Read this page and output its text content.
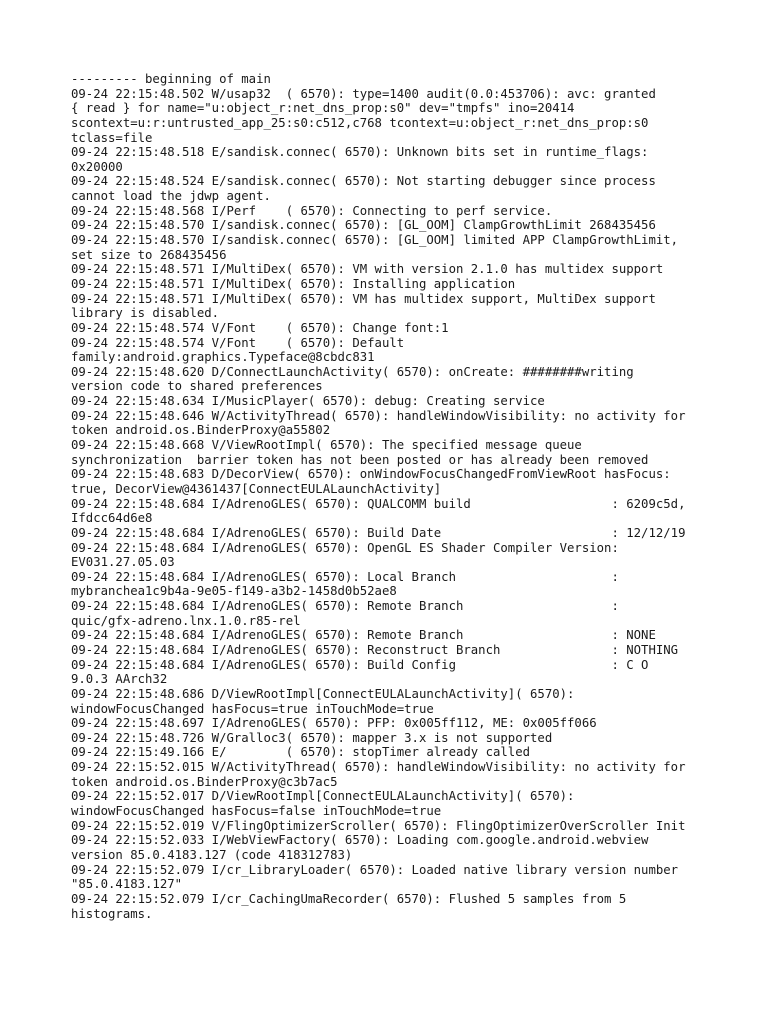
--------- beginning of main

09-24 22:15:48.502 W/usap32  ( 6570): type=1400 audit(0.0:453706): avc: granted

{ read } for name="u:object_r:net_dns_prop:s0" dev="tmpfs" ino=20414

scontext=u:r:untrusted_app_25:s0:c512,c768 tcontext=u:object_r:net_dns_prop:s0

tclass=file

09-24 22:15:48.518 E/sandisk.connec( 6570): Unknown bits set in runtime_flags:

0x20000

09-24 22:15:48.524 E/sandisk.connec( 6570): Not starting debugger since process

cannot load the jdwp agent.

09-24 22:15:48.568 I/Perf    ( 6570): Connecting to perf service.

09-24 22:15:48.570 I/sandisk.connec( 6570): [GL_OOM] ClampGrowthLimit 268435456

09-24 22:15:48.570 I/sandisk.connec( 6570): [GL_OOM] limited APP ClampGrowthLimit,

set size to 268435456

09-24 22:15:48.571 I/MultiDex( 6570): VM with version 2.1.0 has multidex support

09-24 22:15:48.571 I/MultiDex( 6570): Installing application

09-24 22:15:48.571 I/MultiDex( 6570): VM has multidex support, MultiDex support

library is disabled.

09-24 22:15:48.574 V/Font    ( 6570): Change font:1

09-24 22:15:48.574 V/Font    ( 6570): Default

family:android.graphics.Typeface@8cbdc831

09-24 22:15:48.620 D/ConnectLaunchActivity( 6570): onCreate: ########writing

version code to shared preferences

09-24 22:15:48.634 I/MusicPlayer( 6570): debug: Creating service

09-24 22:15:48.646 W/ActivityThread( 6570): handleWindowVisibility: no activity for

token android.os.BinderProxy@a55802

09-24 22:15:48.668 V/ViewRootImpl( 6570): The specified message queue

synchronization  barrier token has not been posted or has already been removed

09-24 22:15:48.683 D/DecorView( 6570): onWindowFocusChangedFromViewRoot hasFocus:

true, DecorView@4361437[ConnectEULALaunchActivity]

09-24 22:15:48.684 I/AdrenoGLES( 6570): QUALCOMM build                   : 6209c5d,

Ifdcc64d6e8

09-24 22:15:48.684 I/AdrenoGLES( 6570): Build Date                       : 12/12/19

09-24 22:15:48.684 I/AdrenoGLES( 6570): OpenGL ES Shader Compiler Version:

EV031.27.05.03

09-24 22:15:48.684 I/AdrenoGLES( 6570): Local Branch                     :

mybranchea1c9b4a-9e05-f149-a3b2-1458d0b52ae8

09-24 22:15:48.684 I/AdrenoGLES( 6570): Remote Branch                    :

quic/gfx-adreno.lnx.1.0.r85-rel

09-24 22:15:48.684 I/AdrenoGLES( 6570): Remote Branch                    : NONE

09-24 22:15:48.684 I/AdrenoGLES( 6570): Reconstruct Branch               : NOTHING

09-24 22:15:48.684 I/AdrenoGLES( 6570): Build Config                     : C O

9.0.3 AArch32

09-24 22:15:48.686 D/ViewRootImpl[ConnectEULALaunchActivity]( 6570):

windowFocusChanged hasFocus=true inTouchMode=true

09-24 22:15:48.697 I/AdrenoGLES( 6570): PFP: 0x005ff112, ME: 0x005ff066

09-24 22:15:48.726 W/Gralloc3( 6570): mapper 3.x is not supported

09-24 22:15:49.166 E/        ( 6570): stopTimer already called

09-24 22:15:52.015 W/ActivityThread( 6570): handleWindowVisibility: no activity for

token android.os.BinderProxy@c3b7ac5

09-24 22:15:52.017 D/ViewRootImpl[ConnectEULALaunchActivity]( 6570):

windowFocusChanged hasFocus=false inTouchMode=true

09-24 22:15:52.019 V/FlingOptimizerScroller( 6570): FlingOptimizerOverScroller Init

09-24 22:15:52.033 I/WebViewFactory( 6570): Loading com.google.android.webview

version 85.0.4183.127 (code 418312783)

09-24 22:15:52.079 I/cr_LibraryLoader( 6570): Loaded native library version number

"85.0.4183.127"

09-24 22:15:52.079 I/cr_CachingUmaRecorder( 6570): Flushed 5 samples from 5

histograms.
